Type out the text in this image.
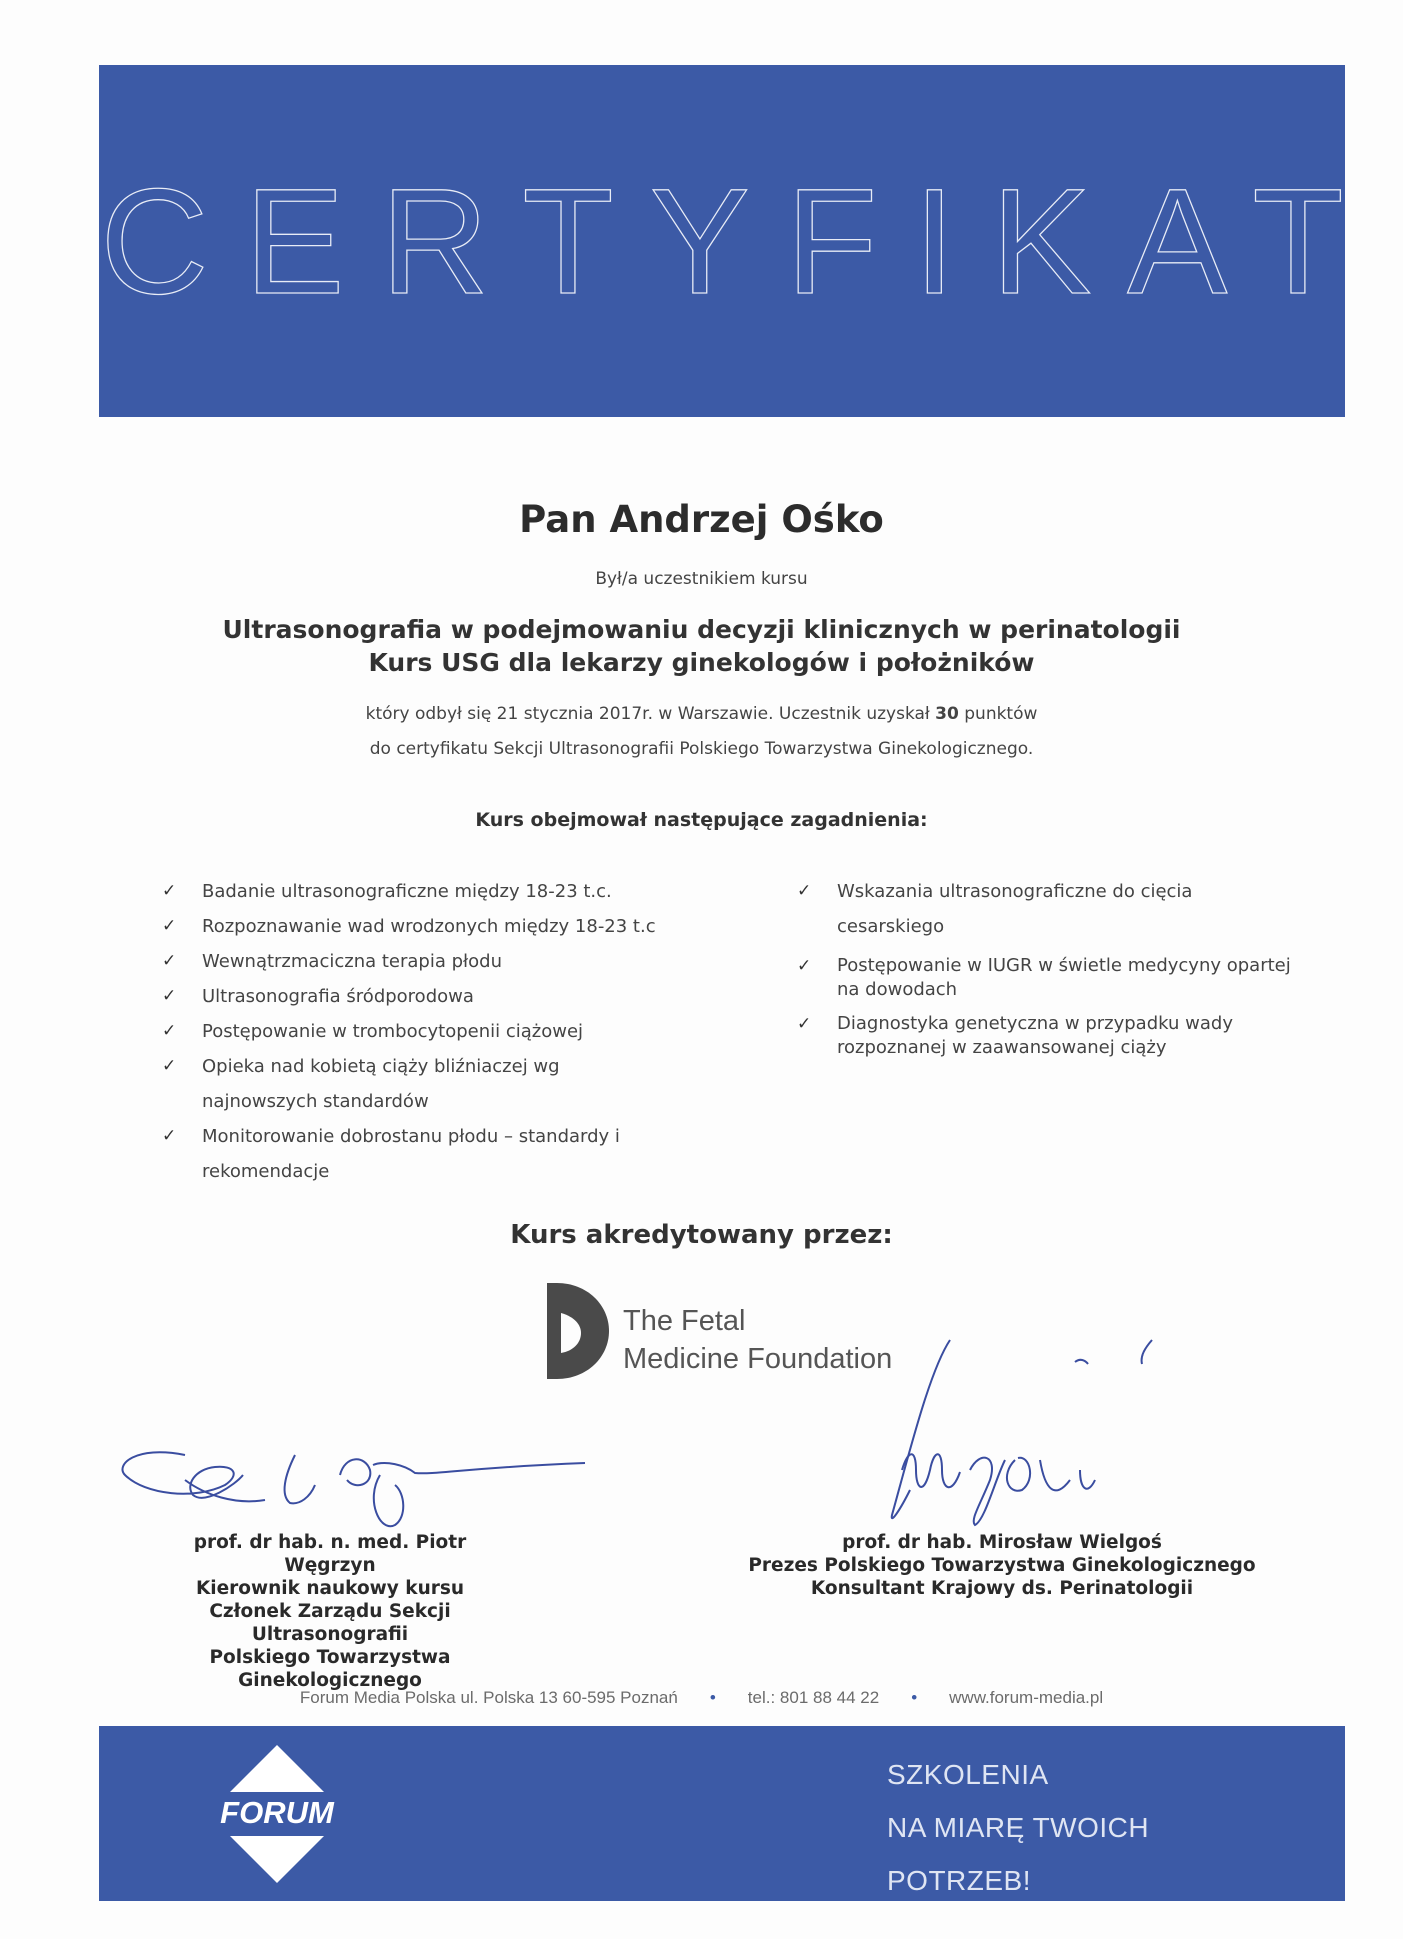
CERTYFIKAT
Pan Andrzej Ośko
Był/a uczestnikiem kursu
Ultrasonografia w podejmowaniu decyzji klinicznych w perinatologii
Kurs USG dla lekarzy ginekologów i położników
który odbył się 21 stycznia 2017r. w Warszawie. Uczestnik uzyskał 30 punktów
do certyfikatu Sekcji Ultrasonografii Polskiego Towarzystwa Ginekologicznego.
Kurs obejmował następujące zagadnienia:
✓ Badanie ultrasonograficzne między 18-23 t.c.
✓ Rozpoznawanie wad wrodzonych między 18-23 t.c
✓ Wewnątrzmaciczna terapia płodu
✓ Ultrasonografia śródporodowa
✓ Postępowanie w trombocytopenii ciążowej
✓ Opieka nad kobietą ciąży bliźniaczej wg
najnowszych standardów
✓ Monitorowanie dobrostanu płodu – standardy i
rekomendacje
✓ Wskazania ultrasonograficzne do cięcia
cesarskiego
✓ Postępowanie w IUGR w świetle medycyny opartej
na dowodach
✓ Diagnostyka genetyczna w przypadku wady
rozpoznanej w zaawansowanej ciąży
Kurs akredytowany przez:
The Fetal
Medicine Foundation
prof. dr hab. n. med. Piotr Węgrzyn
Kierownik naukowy kursu
Członek Zarządu Sekcji Ultrasonografii
Polskiego Towarzystwa Ginekologicznego
prof. dr hab. Mirosław Wielgoś
Prezes Polskiego Towarzystwa Ginekologicznego
Konsultant Krajowy ds. Perinatologii
Forum Media Polska ul. Polska 13 60-595 Poznań • tel.: 801 88 44 22 • www.forum-media.pl
FORUM
SZKOLENIA
NA MIARĘ TWOICH
POTRZEB!
